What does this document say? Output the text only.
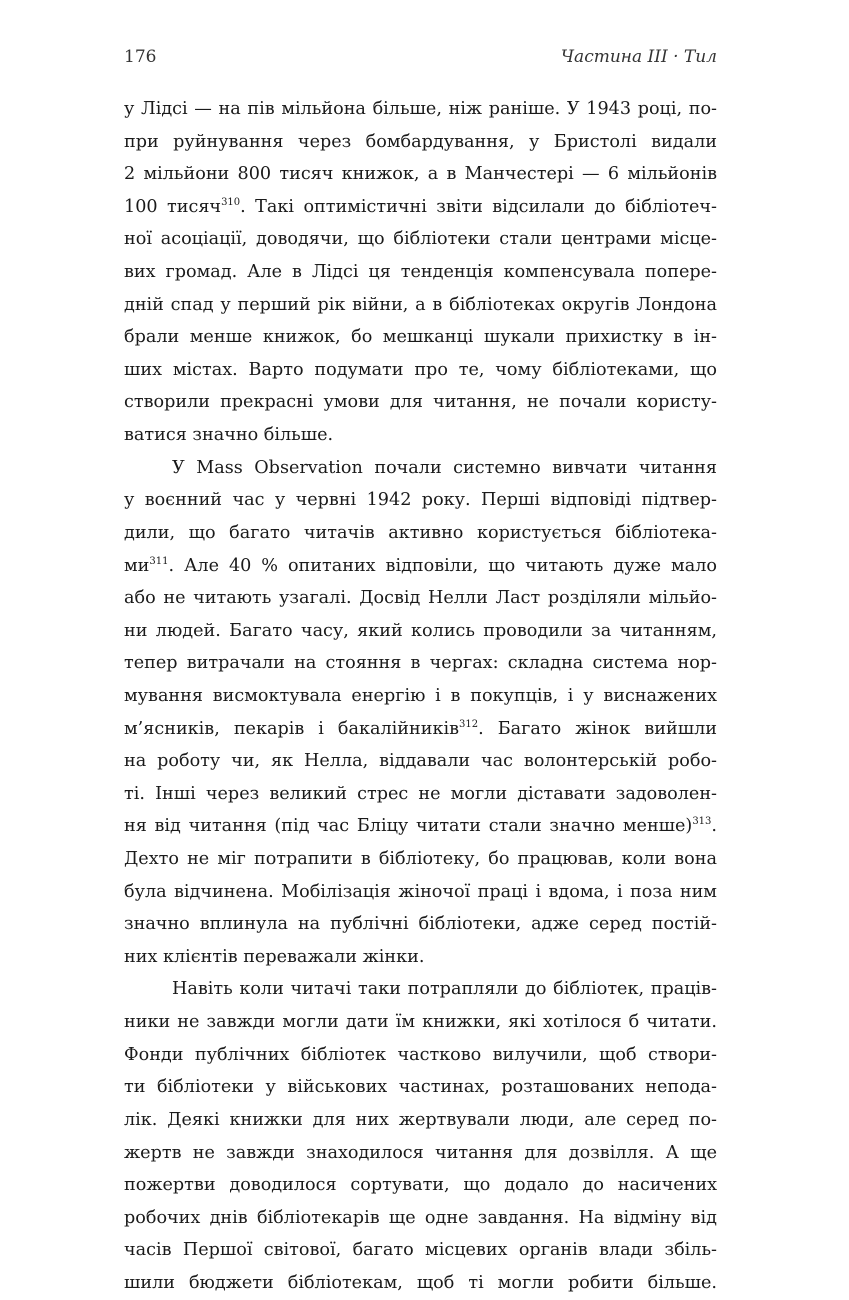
176	Частина III · Тил
у Лідсі — на пів мільйона більше, ніж раніше. У 1943 році, по-
при руйнування через бомбардування, у Бристолі видали
2 мільйони 800 тисяч книжок, а в Манчестері — 6 мільйонів
100 тисяч$^{310}$. Такі оптимістичні звіти відсилали до бібліотеч-
ної асоціації, доводячи, що бібліотеки стали центрами місце-
вих громад. Але в Лідсі ця тенденція компенсувала попере-
дній спад у перший рік війни, а в бібліотеках округів Лондона
брали менше книжок, бо мешканці шукали прихистку в ін-
ших містах. Варто подумати про те, чому бібліотеками, що
створили прекрасні умови для читання, не почали користу-
ватися значно більше.
У Mass Observation почали системно вивчати читання
у воєнний час у червні 1942 року. Перші відповіді підтвер-
дили, що багато читачів активно користується бібліотека-
$ми^{311}$. Але 40 % опитаних відповіли, що читають дуже мало
або не читають узагалі. Досвід Нелли Ласт розділяли мільйо-
ни людей. Багато часу, який колись проводили за читанням,
тепер витрачали на стояння в чергах: складна система нор-
мування висмоктувала енергію і в покупців, і у виснажених
м’ясників, пекарів і бакалійників$^{312}$. Багато жінок вийшли
на роботу чи, як Нелла, віддавали час волонтерській робо-
ті. Інші через великий стрес не могли діставати задоволен-
ня від читання (під час Бліцу читати стали значно менше)$^{313}$.
Дехто не міг потрапити в бібліотеку, бо працював, коли вона
була відчинена. Мобілізація жіночої праці і вдома, і поза ним
значно вплинула на публічні бібліотеки, адже серед постій-
них клієнтів переважали жінки.
Навіть коли читачі таки потрапляли до бібліотек, праців-
ники не завжди могли дати їм книжки, які хотілося б читати.
Фонди публічних бібліотек частково вилучили, щоб створи-
ти бібліотеки у військових частинах, розташованих непода-
лік. Деякі книжки для них жертвували люди, але серед по-
жертв не завжди знаходилося читання для дозвілля. А ще
пожертви доводилося сортувати, що додало до насичених
робочих днів бібліотекарів ще одне завдання. На відміну від
часів Першої світової, багато місцевих органів влади збіль-
шили бюджети бібліотекам, щоб ті могли робити більше.
